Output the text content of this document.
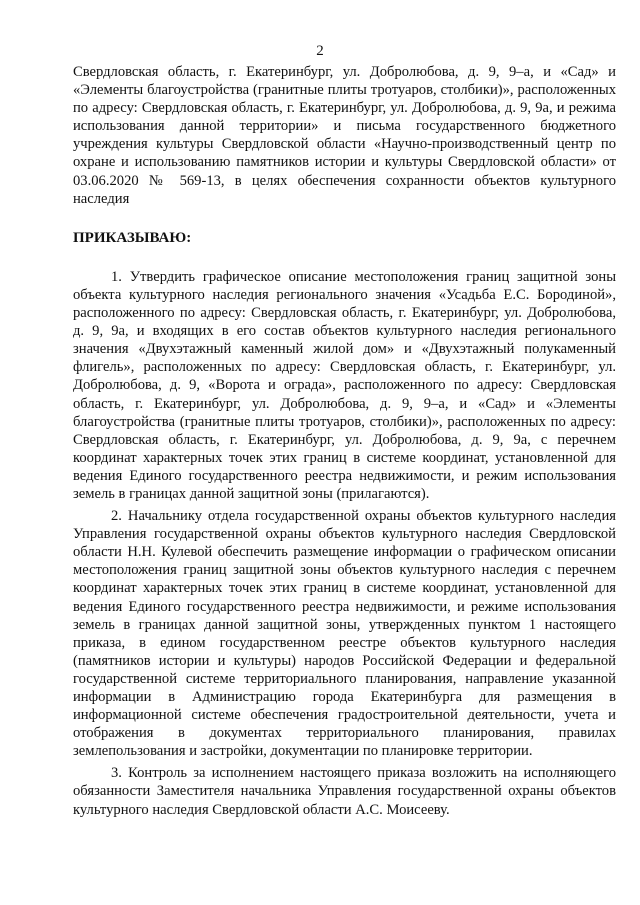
2

Свердловская область, г. Екатеринбург, ул. Добролюбова, д. 9, 9–а, и «Сад» и «Элементы благоустройства (гранитные плиты тротуаров, столбики)», расположенных по адресу: Свердловская область, г. Екатеринбург, ул. Добролюбова, д. 9, 9а, и режима использования данной территории» и письма государственного бюджетного учреждения культуры Свердловской области «Научно-производственный центр по охране и использованию памятников истории и культуры Свердловской области» от 03.06.2020 № 569-13, в целях обеспечения сохранности объектов культурного наследия

ПРИКАЗЫВАЮ:

1. Утвердить графическое описание местоположения границ защитной зоны объекта культурного наследия регионального значения «Усадьба Е.С. Бородиной», расположенного по адресу: Свердловская область, г. Екатеринбург, ул. Добролюбова, д. 9, 9а, и входящих в его состав объектов культурного наследия регионального значения «Двухэтажный каменный жилой дом» и «Двухэтажный полукаменный флигель», расположенных по адресу: Свердловская область, г. Екатеринбург, ул. Добролюбова, д. 9, «Ворота и ограда», расположенного по адресу: Свердловская область, г. Екатеринбург, ул. Добролюбова, д. 9, 9–а, и «Сад» и «Элементы благоустройства (гранитные плиты тротуаров, столбики)», расположенных по адресу: Свердловская область, г. Екатеринбург, ул. Добролюбова, д. 9, 9а, с перечнем координат характерных точек этих границ в системе координат, установленной для ведения Единого государственного реестра недвижимости, и режим использования земель в границах данной защитной зоны (прилагаются).

2. Начальнику отдела государственной охраны объектов культурного наследия Управления государственной охраны объектов культурного наследия Свердловской области Н.Н. Кулевой обеспечить размещение информации о графическом описании местоположения границ защитной зоны объектов культурного наследия с перечнем координат характерных точек этих границ в системе координат, установленной для ведения Единого государственного реестра недвижимости, и режиме использования земель в границах данной защитной зоны, утвержденных пунктом 1 настоящего приказа, в едином государственном реестре объектов культурного наследия (памятников истории и культуры) народов Российской Федерации и федеральной государственной системе территориального планирования, направление указанной информации в Администрацию города Екатеринбурга для размещения в информационной системе обеспечения градостроительной деятельности, учета и отображения в документах территориального планирования, правилах землепользования и застройки, документации по планировке территории.

3. Контроль за исполнением настоящего приказа возложить на исполняющего обязанности Заместителя начальника Управления государственной охраны объектов культурного наследия Свердловской области А.С. Моисееву.
